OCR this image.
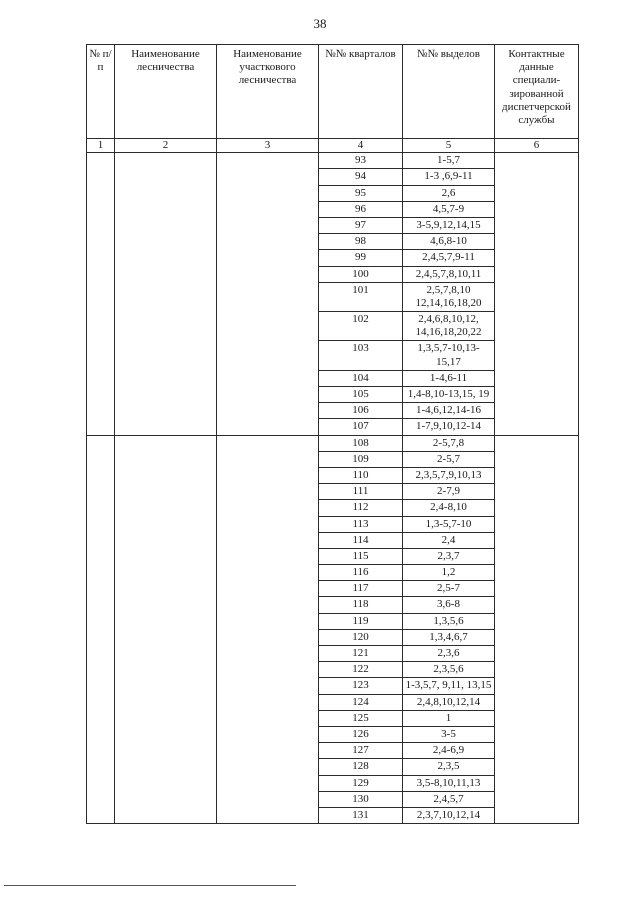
38
№ п/п	Наименование лесничества	Наименование участкового лесничества	№№ кварталов	№№ выделов	Контактные данные специали-зированной диспетчерской службы
1	2	3	4	5	6
			93	1-5,7	
			94	1-3 ,6,9-11	
			95	2,6	
			96	4,5,7-9	
			97	3-5,9,12,14,15	
			98	4,6,8-10	
			99	2,4,5,7,9-11	
			100	2,4,5,7,8,10,11	
			101	2,5,7,8,10 12,14,16,18,20	
			102	2,4,6,8,10,12, 14,16,18,20,22	
			103	1,3,5,7-10,13- 15,17	
			104	1-4,6-11	
			105	1,4-8,10-13,15, 19	
			106	1-4,6,12,14-16	
			107	1-7,9,10,12-14	
			108	2-5,7,8	
			109	2-5,7	
			110	2,3,5,7,9,10,13	
			111	2-7,9	
			112	2,4-8,10	
			113	1,3-5,7-10	
			114	2,4	
			115	2,3,7	
			116	1,2	
			117	2,5-7	
			118	3,6-8	
			119	1,3,5,6	
			120	1,3,4,6,7	
			121	2,3,6	
			122	2,3,5,6	
			123	1-3,5,7, 9,11, 13,15	
			124	2,4,8,10,12,14	
			125	1	
			126	3-5	
			127	2,4-6,9	
			128	2,3,5	
			129	3,5-8,10,11,13	
			130	2,4,5,7	
			131	2,3,7,10,12,14	
